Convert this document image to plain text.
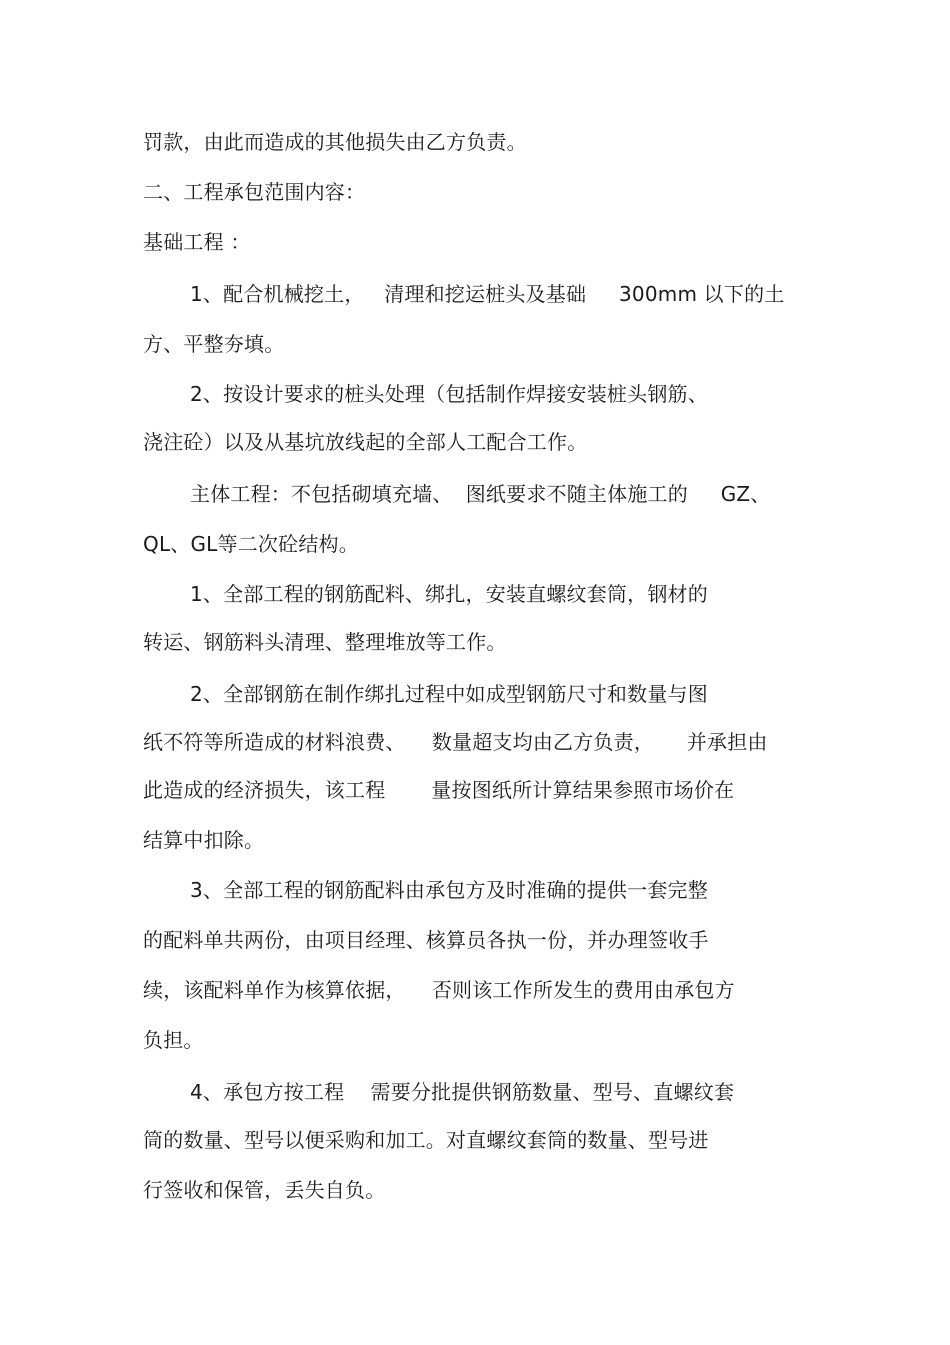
罚款，由此而造成的其他损失由乙方负责。
二、工程承包范围内容：
基础工程 ：
1、配合机械挖土，   清理和挖运桩头及基础     300mm 以下的土
方、平整夯填。
2、按设计要求的桩头处理（包括制作焊接安装桩头钢筋、
浇注砼）以及从基坑放线起的全部人工配合工作。
主体工程：不包括砌填充墙、  图纸要求不随主体施工的     GZ、
QL、GL等二次砼结构。
1、全部工程的钢筋配料、绑扎，安装直螺纹套筒，钢材的
转运、钢筋料头清理、整理堆放等工作。
2、全部钢筋在制作绑扎过程中如成型钢筋尺寸和数量与图
纸不符等所造成的材料浪费、    数量超支均由乙方负责，     并承担由
此造成的经济损失，该工程       量按图纸所计算结果参照市场价在
结算中扣除。
3、全部工程的钢筋配料由承包方及时准确的提供一套完整
的配料单共两份，由项目经理、核算员各执一份，并办理签收手
续，该配料单作为核算依据，    否则该工作所发生的费用由承包方
负担。
4、承包方按工程    需要分批提供钢筋数量、型号、直螺纹套
筒的数量、型号以便采购和加工。对直螺纹套筒的数量、型号进
行签收和保管，丢失自负。
